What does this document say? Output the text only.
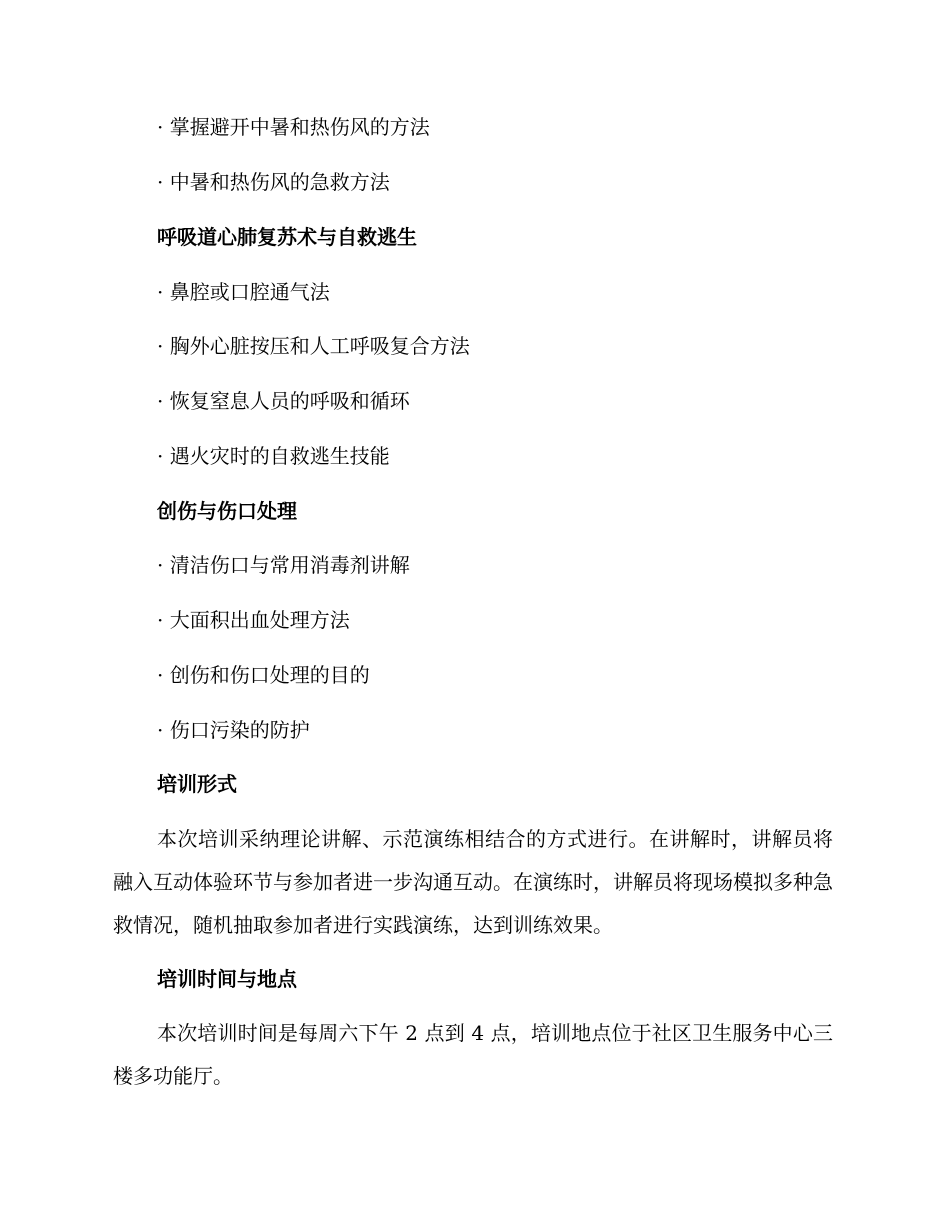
· 掌握避开中暑和热伤风的方法
· 中暑和热伤风的急救方法
呼吸道心肺复苏术与自救逃生
· 鼻腔或口腔通气法
· 胸外心脏按压和人工呼吸复合方法
· 恢复窒息人员的呼吸和循环
· 遇火灾时的自救逃生技能
创伤与伤口处理
· 清洁伤口与常用消毒剂讲解
· 大面积出血处理方法
· 创伤和伤口处理的目的
· 伤口污染的防护
培训形式

本次培训采纳理论讲解、示范演练相结合的方式进行。在讲解时，讲解员将融入互动体验环节与参加者进一步沟通互动。在演练时，讲解员将现场模拟多种急救情况，随机抽取参加者进行实践演练，达到训练效果。

培训时间与地点

本次培训时间是每周六下午 2 点到 4 点，培训地点位于社区卫生服务中心三楼多功能厅。
